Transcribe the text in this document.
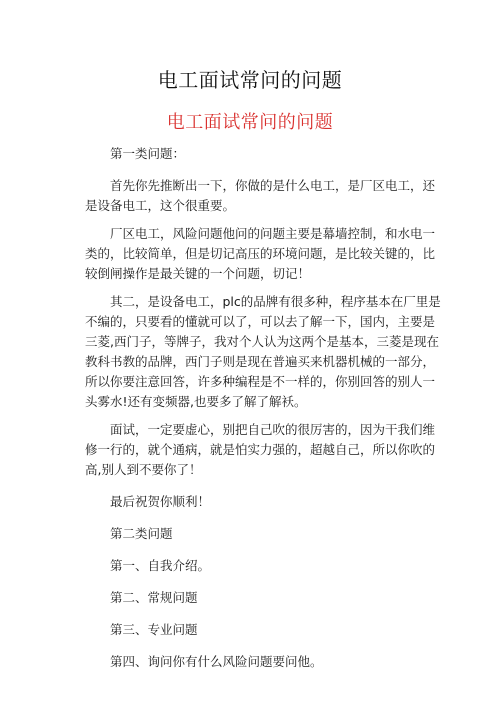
电工面试常问的问题
电工面试常问的问题

第一类问题：

首先你先推断出一下，你做的是什么电工，是厂区电工，还是设备电工，这个很重要。

厂区电工，风险问题他问的问题主要是幕墙控制，和水电一类的，比较简单，但是切记高压的环境问题，是比较关键的，比较倒闸操作是最关键的一个问题，切记！

其二，是设备电工，plc的品牌有很多种，程序基本在厂里是不编的，只要看的懂就可以了，可以去了解一下，国内，主要是三菱,西门子，等牌子，我对个人认为这两个是基本，三菱是现在教科书教的品牌，西门子则是现在普遍买来机器机械的一部分，所以你要注意回答，许多种编程是不一样的，你别回答的别人一头雾水!还有变频器,也要多了解了解袄。

面试，一定要虚心，别把自己吹的很厉害的，因为干我们维修一行的，就个通病，就是怕实力强的，超越自己，所以你吹的高,别人到不要你了！

最后祝贺你顺利！

第二类问题

第一、自我介绍。

第二、常规问题

第三、专业问题

第四、询问你有什么风险问题要问他。
